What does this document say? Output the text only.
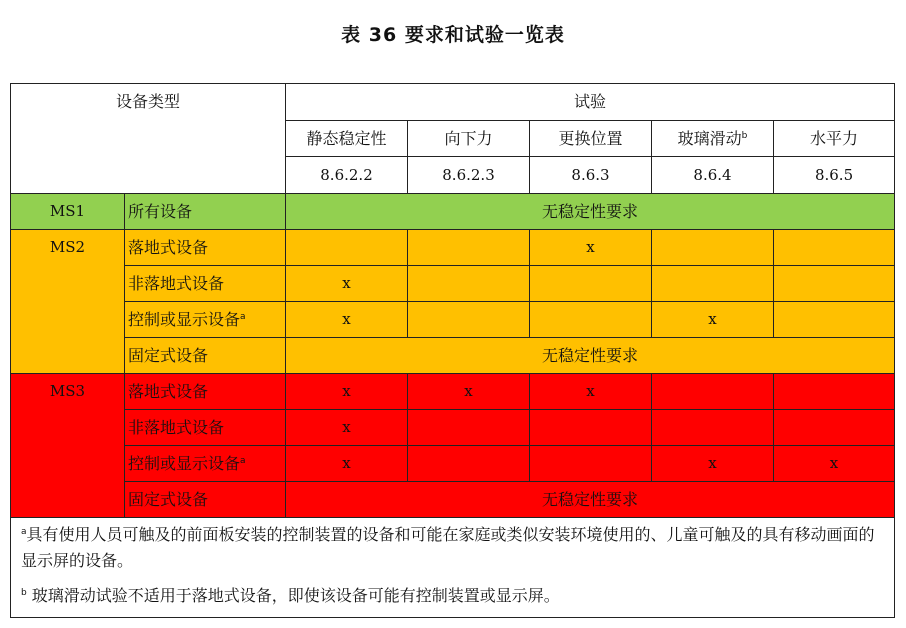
表 36 要求和试验一览表
设备类型		试验				
		静态稳定性	向下力	更换位置	玻璃滑动$^b$	水平力
		8.6.2.2	8.6.2.3	8.6.3	8.6.4	8.6.5
MS1	所有设备	无稳定性要求				
MS2	落地式设备			x		
	非落地式设备	x				
	控制或显示设备$^a$	x			x	
	固定式设备	无稳定性要求				
MS3	落地式设备	x	x	x		
	非落地式设备	x				
	控制或显示设备$^a$	x			x	x
	固定式设备	无稳定性要求				

$^a$具有使用人员可触及的前面板安装的控制装置的设备和可能在家庭或类似安装环境使用的、儿童可触及的具有移动画面的显示屏的设备。

$^b$ 玻璃滑动试验不适用于落地式设备，即使该设备可能有控制装置或显示屏。						
